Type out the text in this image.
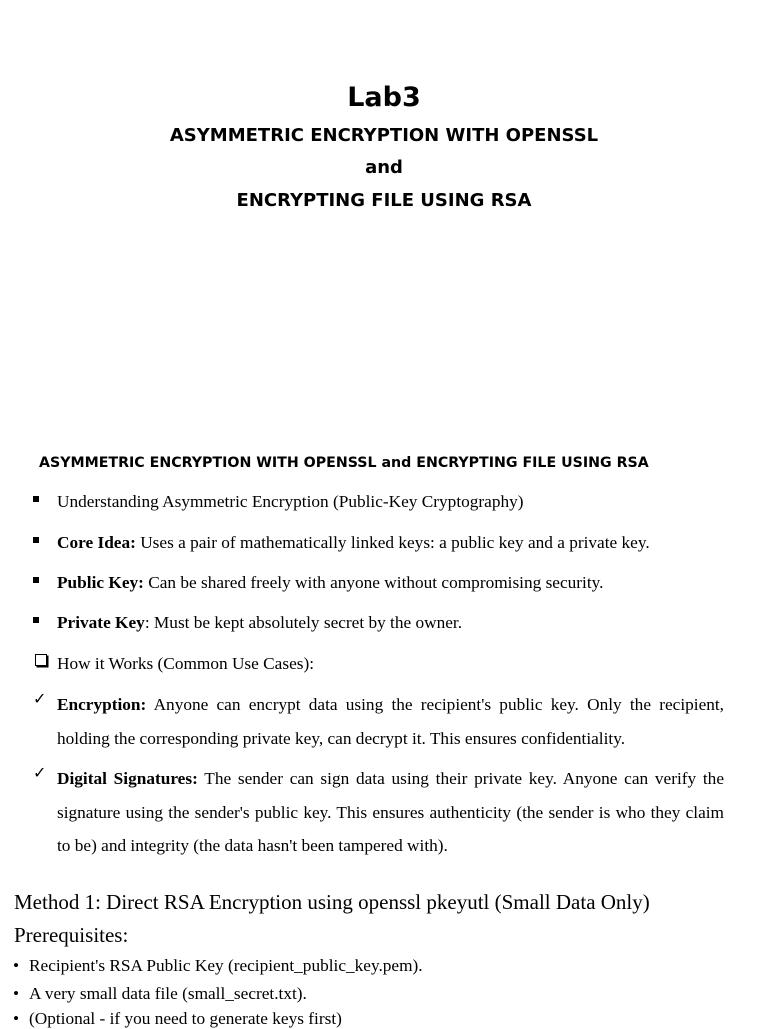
Lab3
ASYMMETRIC ENCRYPTION WITH OPENSSL
and
ENCRYPTING FILE USING RSA
ASYMMETRIC ENCRYPTION WITH OPENSSL and ENCRYPTING FILE USING RSA
Understanding Asymmetric Encryption (Public-Key Cryptography)
Core Idea: Uses a pair of mathematically linked keys: a public key and a private key.
Public Key: Can be shared freely with anyone without compromising security.
Private Key: Must be kept absolutely secret by the owner.
How it Works (Common Use Cases):
✓ Encryption: Anyone can encrypt data using the recipient's public key. Only the recipient, holding the corresponding private key, can decrypt it. This ensures confidentiality.
✓ Digital Signatures: The sender can sign data using their private key. Anyone can verify the signature using the sender's public key. This ensures authenticity (the sender is who they claim to be) and integrity (the data hasn't been tampered with).
Method 1: Direct RSA Encryption using openssl pkeyutl (Small Data Only)
Prerequisites:
• Recipient's RSA Public Key (recipient_public_key.pem).
• A very small data file (small_secret.txt).
• (Optional - if you need to generate keys first)
